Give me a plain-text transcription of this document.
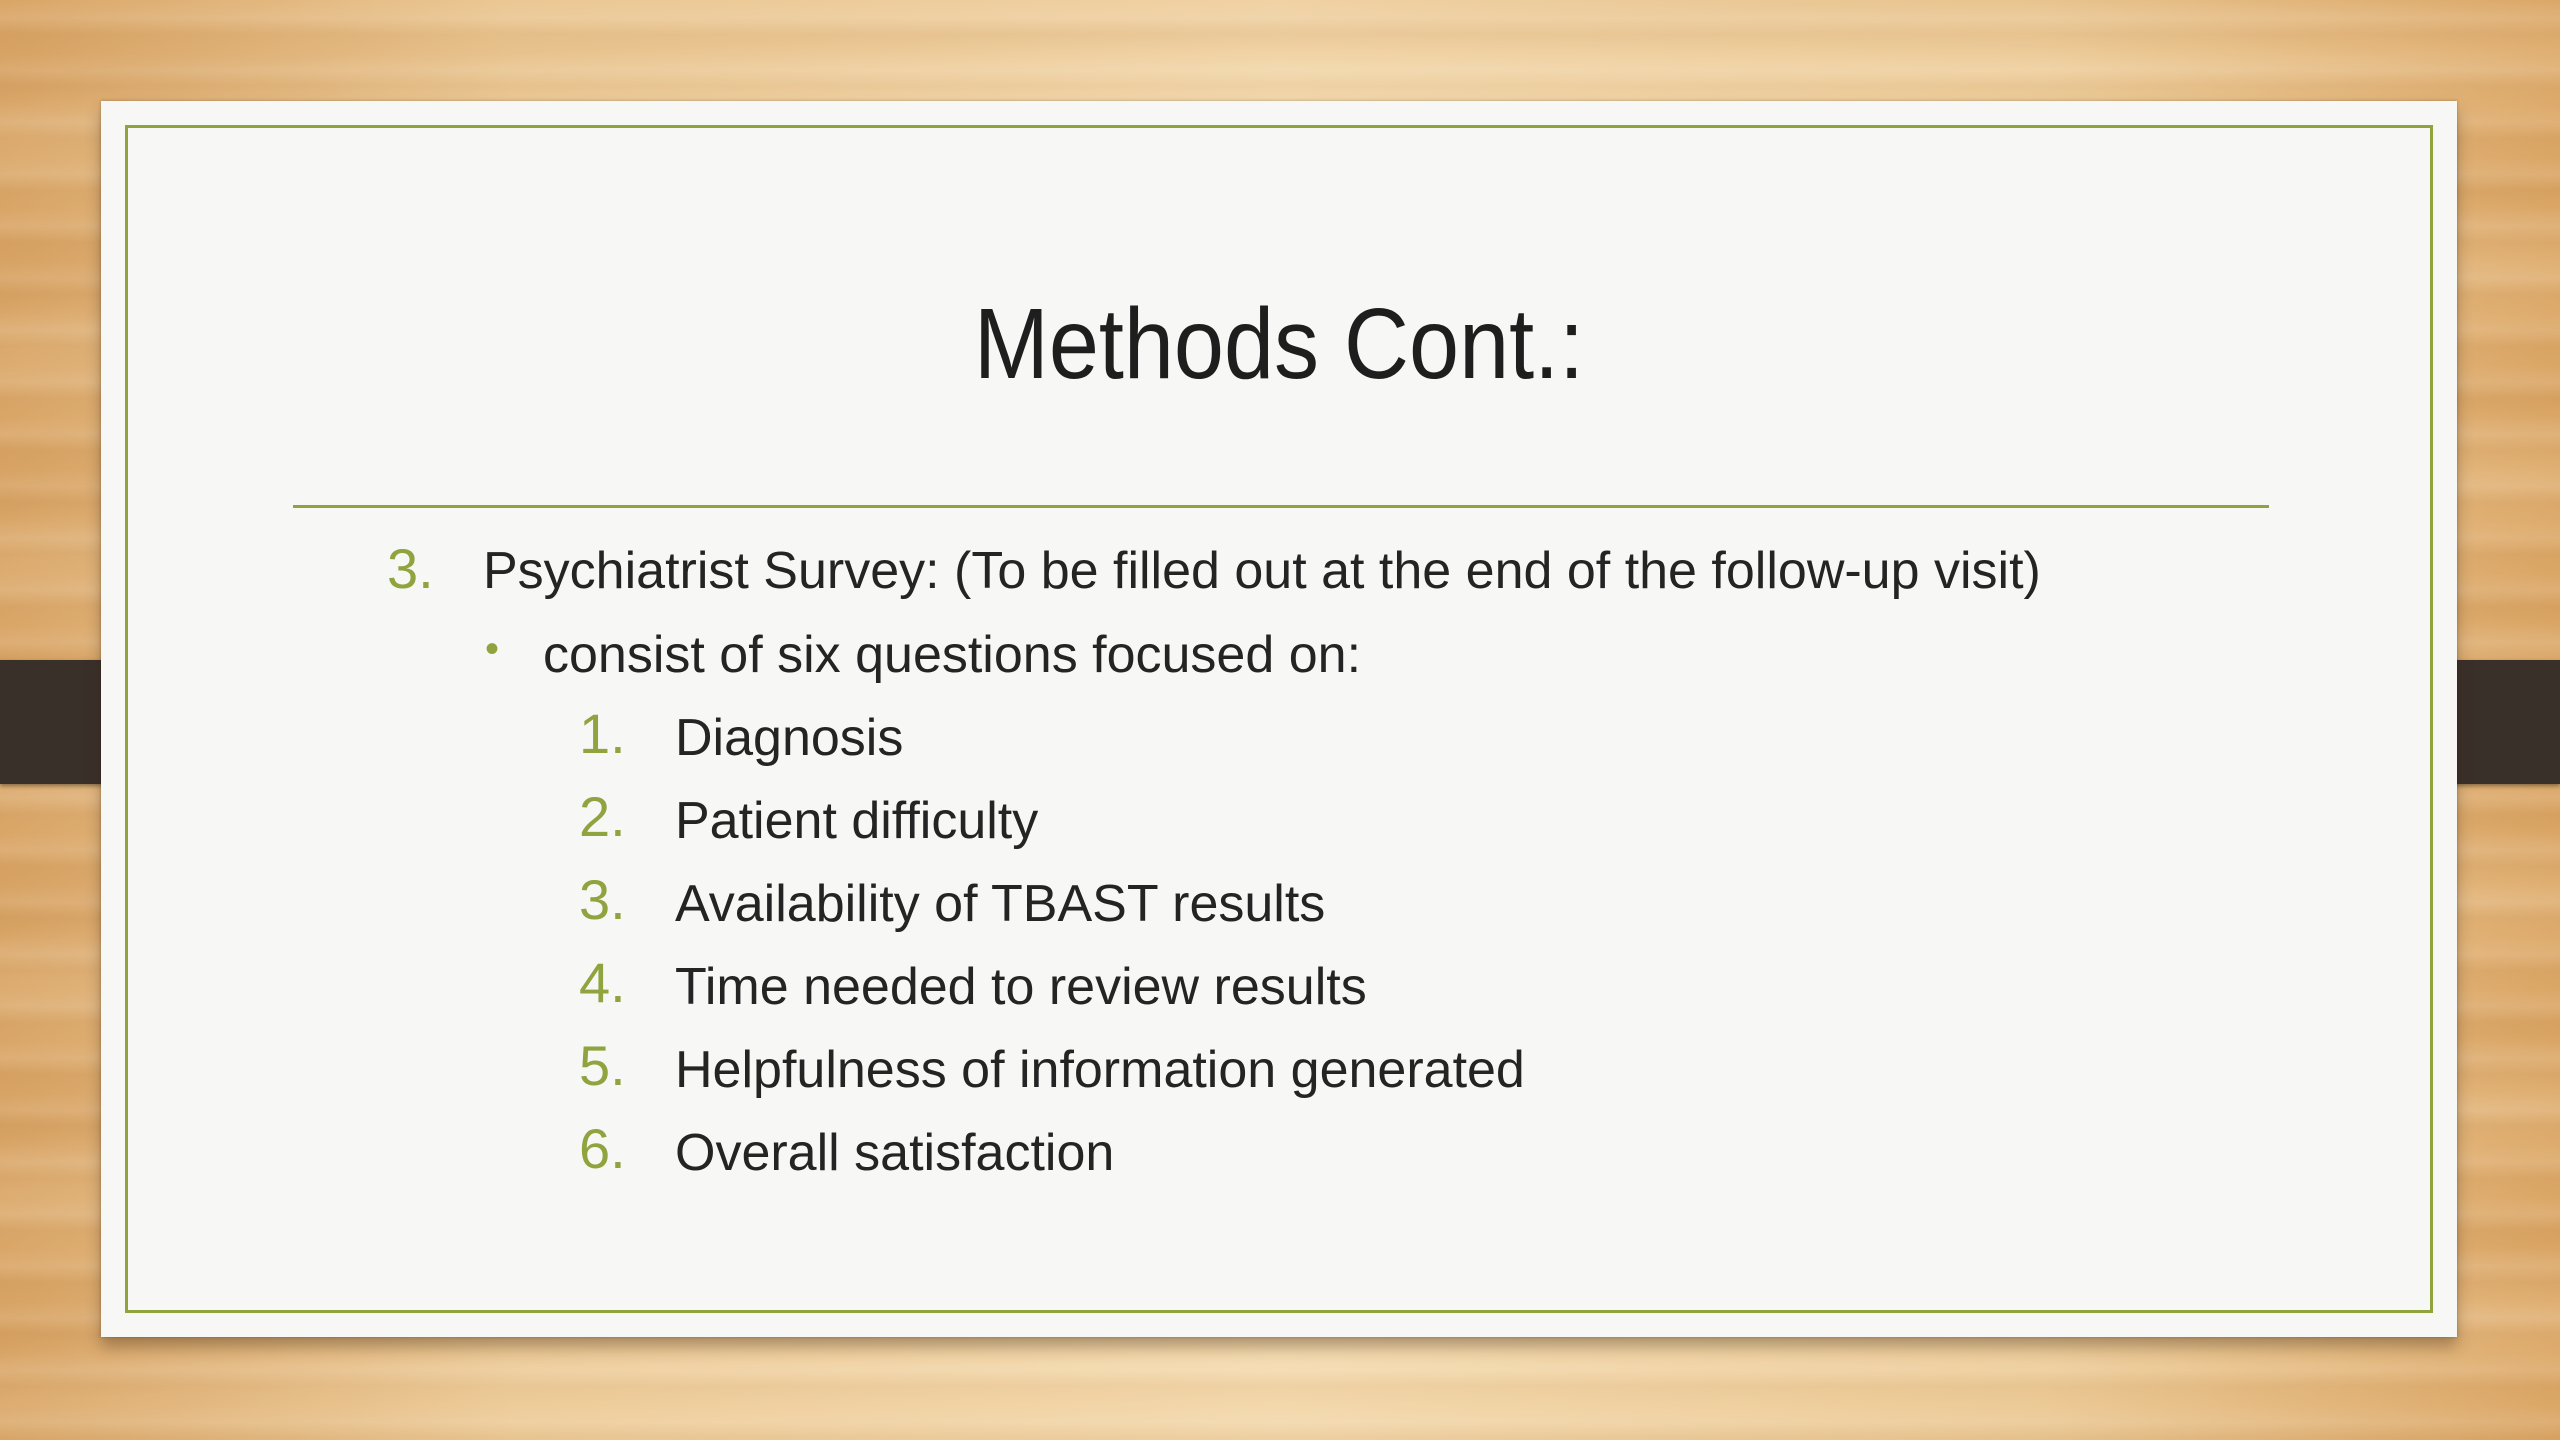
Methods Cont.:
3. Psychiatrist Survey: (To be filled out at the end of the follow-up visit)
• consist of six questions focused on:
1. Diagnosis
2. Patient difficulty
3. Availability of TBAST results
4. Time needed to review results
5. Helpfulness of information generated
6. Overall satisfaction
